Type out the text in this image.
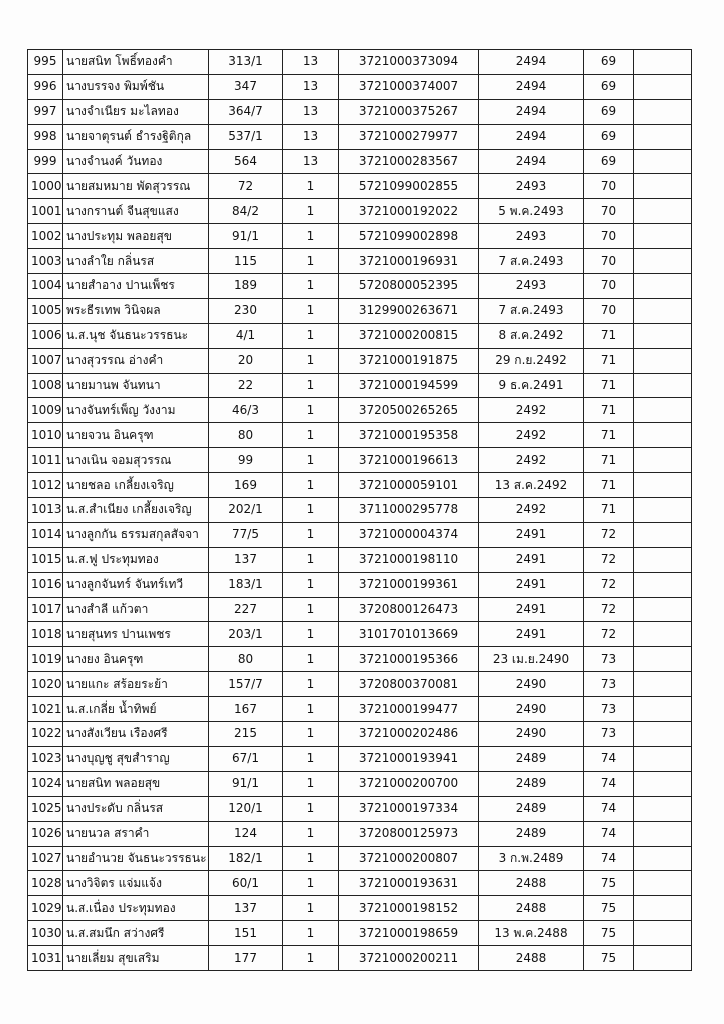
995	นายสนิท โพธิ์ทองคำ	313/1	13	3721000373094	2494	69	
996	นางบรรจง พิมพ์ชัน	347	13	3721000374007	2494	69	
997	นางจำเนียร มะไลทอง	364/7	13	3721000375267	2494	69	
998	นายจาตุรนต์ ธำรงฐิติกุล	537/1	13	3721000279977	2494	69	
999	นางจำนงค์ วันทอง	564	13	3721000283567	2494	69	
1000	นายสมหมาย พัดสุวรรณ	72	1	5721099002855	2493	70	
1001	นางกรานต์ จีนสุขแสง	84/2	1	3721000192022	5 พ.ค.2493	70	
1002	นางประทุม พลอยสุข	91/1	1	5721099002898	2493	70	
1003	นางลำใย กลิ่นรส	115	1	3721000196931	7 ส.ค.2493	70	
1004	นายสำอาง ปานเพ็ชร	189	1	5720800052395	2493	70	
1005	พระธีรเทพ วินิจผล	230	1	3129900263671	7 ส.ค.2493	70	
1006	น.ส.นุช จันธนะวรรธนะ	4/1	1	3721000200815	8 ส.ค.2492	71	
1007	นางสุวรรณ อ่างคำ	20	1	3721000191875	29 ก.ย.2492	71	
1008	นายมานพ จันทนา	22	1	3721000194599	9 ธ.ค.2491	71	
1009	นางจันทร์เพ็ญ วังงาม	46/3	1	3720500265265	2492	71	
1010	นายจวน อินครุฑ	80	1	3721000195358	2492	71	
1011	นางเนิน จอมสุวรรณ	99	1	3721000196613	2492	71	
1012	นายชลอ เกลี้ยงเจริญ	169	1	3721000059101	13 ส.ค.2492	71	
1013	น.ส.สำเนียง เกลี้ยงเจริญ	202/1	1	3711000295778	2492	71	
1014	นางลูกกัน ธรรมสกุลสัจจา	77/5	1	3721000004374	2491	72	
1015	น.ส.ฟู ประทุมทอง	137	1	3721000198110	2491	72	
1016	นางลูกจันทร์ จันทร์เทวี	183/1	1	3721000199361	2491	72	
1017	นางสำลี แก้วตา	227	1	3720800126473	2491	72	
1018	นายสุนทร ปานเพชร	203/1	1	3101701013669	2491	72	
1019	นางยง อินครุฑ	80	1	3721000195366	23 เม.ย.2490	73	
1020	นายแกะ สร้อยระย้า	157/7	1	3720800370081	2490	73	
1021	น.ส.เกลี่ย น้ำทิพย์	167	1	3721000199477	2490	73	
1022	นางสังเวียน เรืองศรี	215	1	3721000202486	2490	73	
1023	นางบุญชู สุขสำราญ	67/1	1	3721000193941	2489	74	
1024	นายสนิท พลอยสุข	91/1	1	3721000200700	2489	74	
1025	นางประดับ กลิ่นรส	120/1	1	3721000197334	2489	74	
1026	นายนวล สราคำ	124	1	3720800125973	2489	74	
1027	นายอำนวย จันธนะวรรธนะ	182/1	1	3721000200807	3 ก.พ.2489	74	
1028	นางวิจิตร แจ่มแจ้ง	60/1	1	3721000193631	2488	75	
1029	น.ส.เนื่อง ประทุมทอง	137	1	3721000198152	2488	75	
1030	น.ส.สมนึก สว่างศรี	151	1	3721000198659	13 พ.ค.2488	75	
1031	นายเลี่ยม สุขเสริม	177	1	3721000200211	2488	75	
